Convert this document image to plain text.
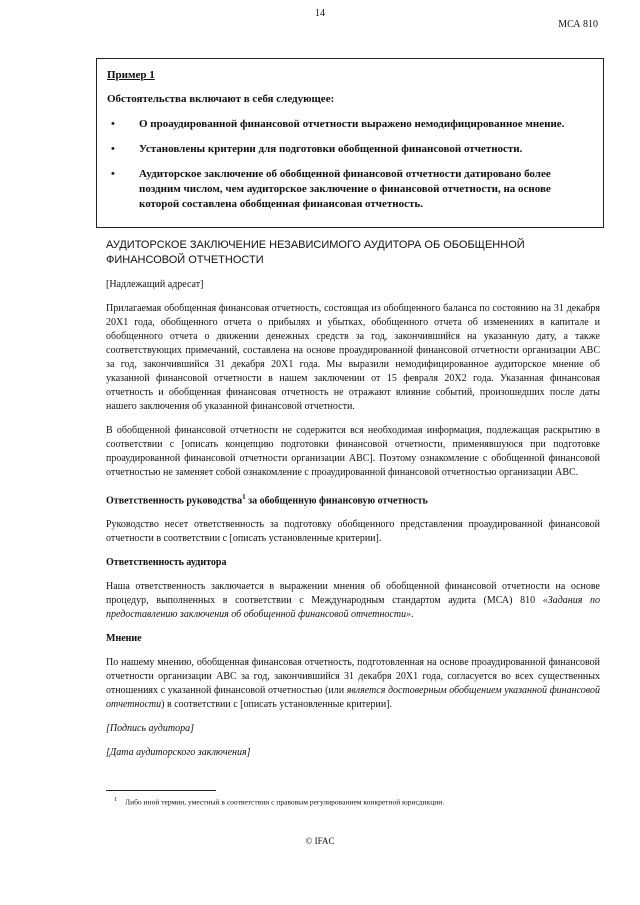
14
МСА 810
Пример 1
Обстоятельства включают в себя следующее:
• О проаудированной финансовой отчетности выражено немодифицированное мнение.
• Установлены критерии для подготовки обобщенной финансовой отчетности.
• Аудиторское заключение об обобщенной финансовой отчетности датировано более поздним числом, чем аудиторское заключение о финансовой отчетности, на основе которой составлена обобщенная финансовая отчетность.
АУДИТОРСКОЕ ЗАКЛЮЧЕНИЕ НЕЗАВИСИМОГО АУДИТОРА ОБ ОБОБЩЕННОЙ ФИНАНСОВОЙ ОТЧЕТНОСТИ

[Надлежащий адресат]

Прилагаемая обобщенная финансовая отчетность, состоящая из обобщенного баланса по состоянию на 31 декабря 20X1 года, обобщенного отчета о прибылях и убытках, обобщенного отчета об изменениях в капитале и обобщенного отчета о движении денежных средств за год, закончившийся на указанную дату, а также соответствующих примечаний, составлена на основе проаудированной финансовой отчетности организации ABC за год, закончившийся 31 декабря 20X1 года. Мы выразили немодифицированное аудиторское мнение об указанной финансовой отчетности в нашем заключении от 15 февраля 20X2 года. Указанная финансовая отчетность и обобщенная финансовая отчетность не отражают влияние событий, произошедших после даты нашего заключения об указанной финансовой отчетности.

В обобщенной финансовой отчетности не содержится вся необходимая информация, подлежащая раскрытию в соответствии с [описать концепцию подготовки финансовой отчетности, применявшуюся при подготовке проаудированной финансовой отчетности организации ABC]. Поэтому ознакомление с обобщенной финансовой отчетностью не заменяет собой ознакомление с проаудированной финансовой отчетностью организации ABC.

Ответственность руководства$^1$ за обобщенную финансовую отчетность

Руководство несет ответственность за подготовку обобщенного представления проаудированной финансовой отчетности в соответствии с [описать установленные критерии].

Ответственность аудитора

Наша ответственность заключается в выражении мнения об обобщенной финансовой отчетности на основе процедур, выполненных в соответствии с Международным стандартом аудита (МСА) 810 «Задания по предоставлению заключения об обобщенной финансовой отчетности».

Мнение

По нашему мнению, обобщенная финансовая отчетность, подготовленная на основе проаудированной финансовой отчетности организации ABC за год, закончившийся 31 декабря 20X1 года, согласуется во всех существенных отношениях с указанной финансовой отчетностью (или является достоверным обобщением указанной финансовой отчетности) в соответствии с [описать установленные критерии].

[Подпись аудитора]

[Дата аудиторского заключения]

$^1$ Либо иной термин, уместный в соответствии с правовым регулированием конкретной юрисдикции.
© IFAC
